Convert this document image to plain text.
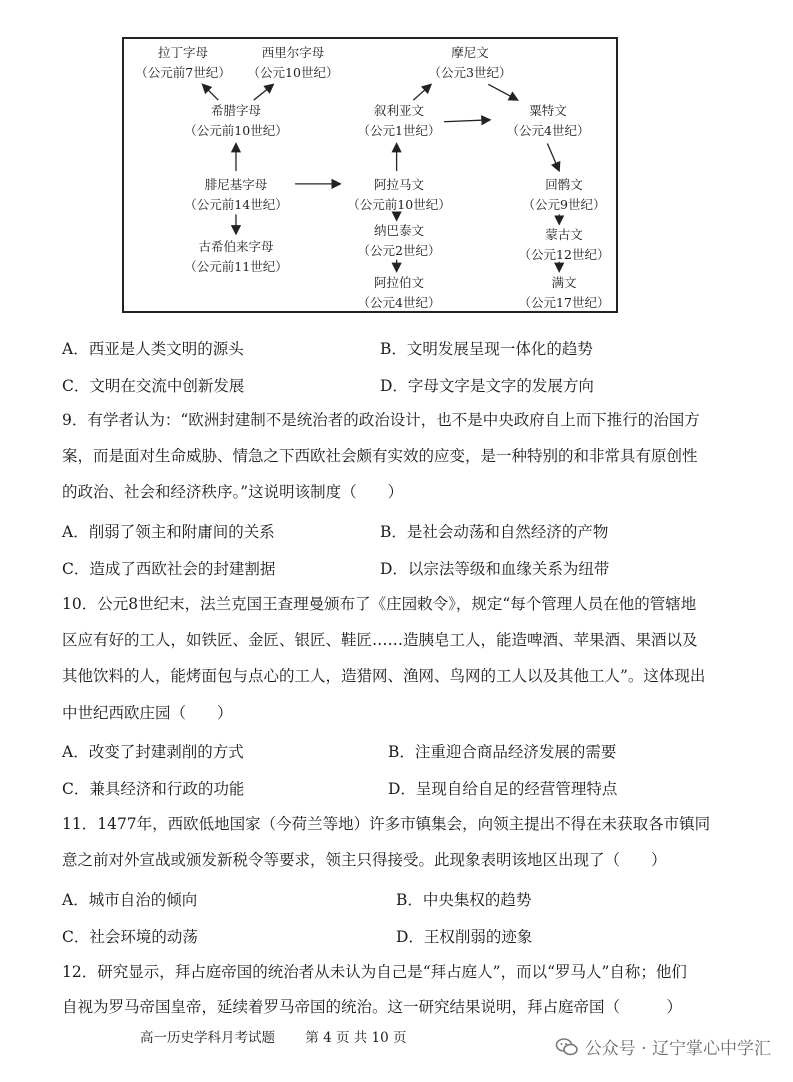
拉丁字母
（公元前7世纪）
西里尔字母
（公元10世纪）
希腊字母
（公元前10世纪）
腓尼基字母
（公元前14世纪）
古希伯来字母
（公元前11世纪）
摩尼文
（公元3世纪）
叙利亚文
（公元1世纪）
粟特文
（公元4世纪）
阿拉马文
（公元前10世纪）
纳巴泰文
（公元2世纪）
阿拉伯文
（公元4世纪）
回鹘文
（公元9世纪）
蒙古文
（公元12世纪）
满文
（公元17世纪）
A．西亚是人类文明的源头	B．文明发展呈现一体化的趋势
C．文明在交流中创新发展	D．字母文字是文字的发展方向
9．有学者认为：“欧洲封建制不是统治者的政治设计，也不是中央政府自上而下推行的治国方
案，而是面对生命威胁、情急之下西欧社会颇有实效的应变，是一种特别的和非常具有原创性
的政治、社会和经济秩序。”这说明该制度（　　）
A．削弱了领主和附庸间的关系	B．是社会动荡和自然经济的产物
C．造成了西欧社会的封建割据	D．以宗法等级和血缘关系为纽带
10．公元8世纪末，法兰克国王查理曼颁布了《庄园敕令》，规定“每个管理人员在他的管辖地
区应有好的工人，如铁匠、金匠、银匠、鞋匠……造胰皂工人，能造啤酒、苹果酒、果酒以及
其他饮料的人，能烤面包与点心的工人，造猎网、渔网、鸟网的工人以及其他工人”。这体现出
中世纪西欧庄园（　　）
A．改变了封建剥削的方式	B．注重迎合商品经济发展的需要
C．兼具经济和行政的功能	D．呈现自给自足的经营管理特点
11．1477年，西欧低地国家（今荷兰等地）许多市镇集会，向领主提出不得在未获取各市镇同
意之前对外宣战或颁发新税令等要求，领主只得接受。此现象表明该地区出现了（　　）
A．城市自治的倾向	B．中央集权的趋势
C．社会环境的动荡	D．王权削弱的迹象
12．研究显示，拜占庭帝国的统治者从未认为自己是“拜占庭人”，而以“罗马人”自称；他们
自视为罗马帝国皇帝，延续着罗马帝国的统治。这一研究结果说明，拜占庭帝国（　　　）
高一历史学科月考试题 第 4 页 共 10 页
公众号 · 辽宁掌心中学汇
